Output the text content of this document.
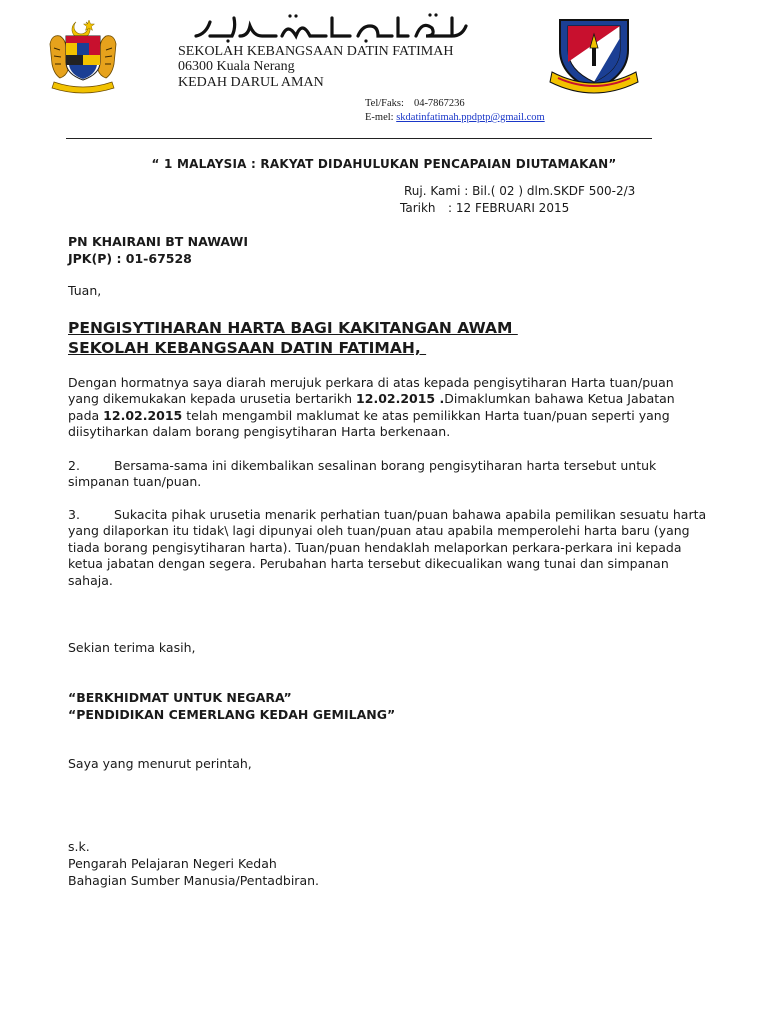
SEKOLAH KEBANGSAAN DATIN FATIMAH
06300 Kuala Nerang
KEDAH DARUL AMAN
Tel/Faks: 04-7867236
E-mel: skdatinfatimah.ppdptp@gmail.com
“ 1 MALAYSIA : RAKYAT DIDAHULUKAN PENCAPAIAN DIUTAMAKAN”
Ruj. Kami : Bil.( 02 ) dlm.SKDF 500-2/3
Tarikh : 12 FEBRUARI 2015
PN KHAIRANI BT NAWAWI
JPK(P) : 01-67528
Tuan,
PENGISYTIHARAN HARTA BAGI KAKITANGAN AWAM
SEKOLAH KEBANGSAAN DATIN FATIMAH,
Dengan hormatnya saya diarah merujuk perkara di atas kepada pengisytiharan Harta tuan/puan yang dikemukakan kepada urusetia bertarikh 12.02.2015 .Dimaklumkan bahawa Ketua Jabatan pada 12.02.2015 telah mengambil maklumat ke atas pemilikkan Harta tuan/puan seperti yang diisytiharkan dalam borang pengisytiharan Harta berkenaan.
2.	Bersama-sama ini dikembalikan sesalinan borang pengisytiharan harta tersebut untuk simpanan tuan/puan.
3.	Sukacita pihak urusetia menarik perhatian tuan/puan bahawa apabila pemilikan sesuatu harta yang dilaporkan itu tidak\ lagi dipunyai oleh tuan/puan atau apabila memperolehi harta baru (yang tiada borang pengisytiharan harta). Tuan/puan hendaklah melaporkan perkara-perkara ini kepada ketua jabatan dengan segera. Perubahan harta tersebut dikecualikan wang tunai dan simpanan sahaja.
Sekian terima kasih,
“BERKHIDMAT UNTUK NEGARA”
“PENDIDIKAN CEMERLANG KEDAH GEMILANG”
Saya yang menurut perintah,
s.k.
Pengarah Pelajaran Negeri Kedah
Bahagian Sumber Manusia/Pentadbiran.
